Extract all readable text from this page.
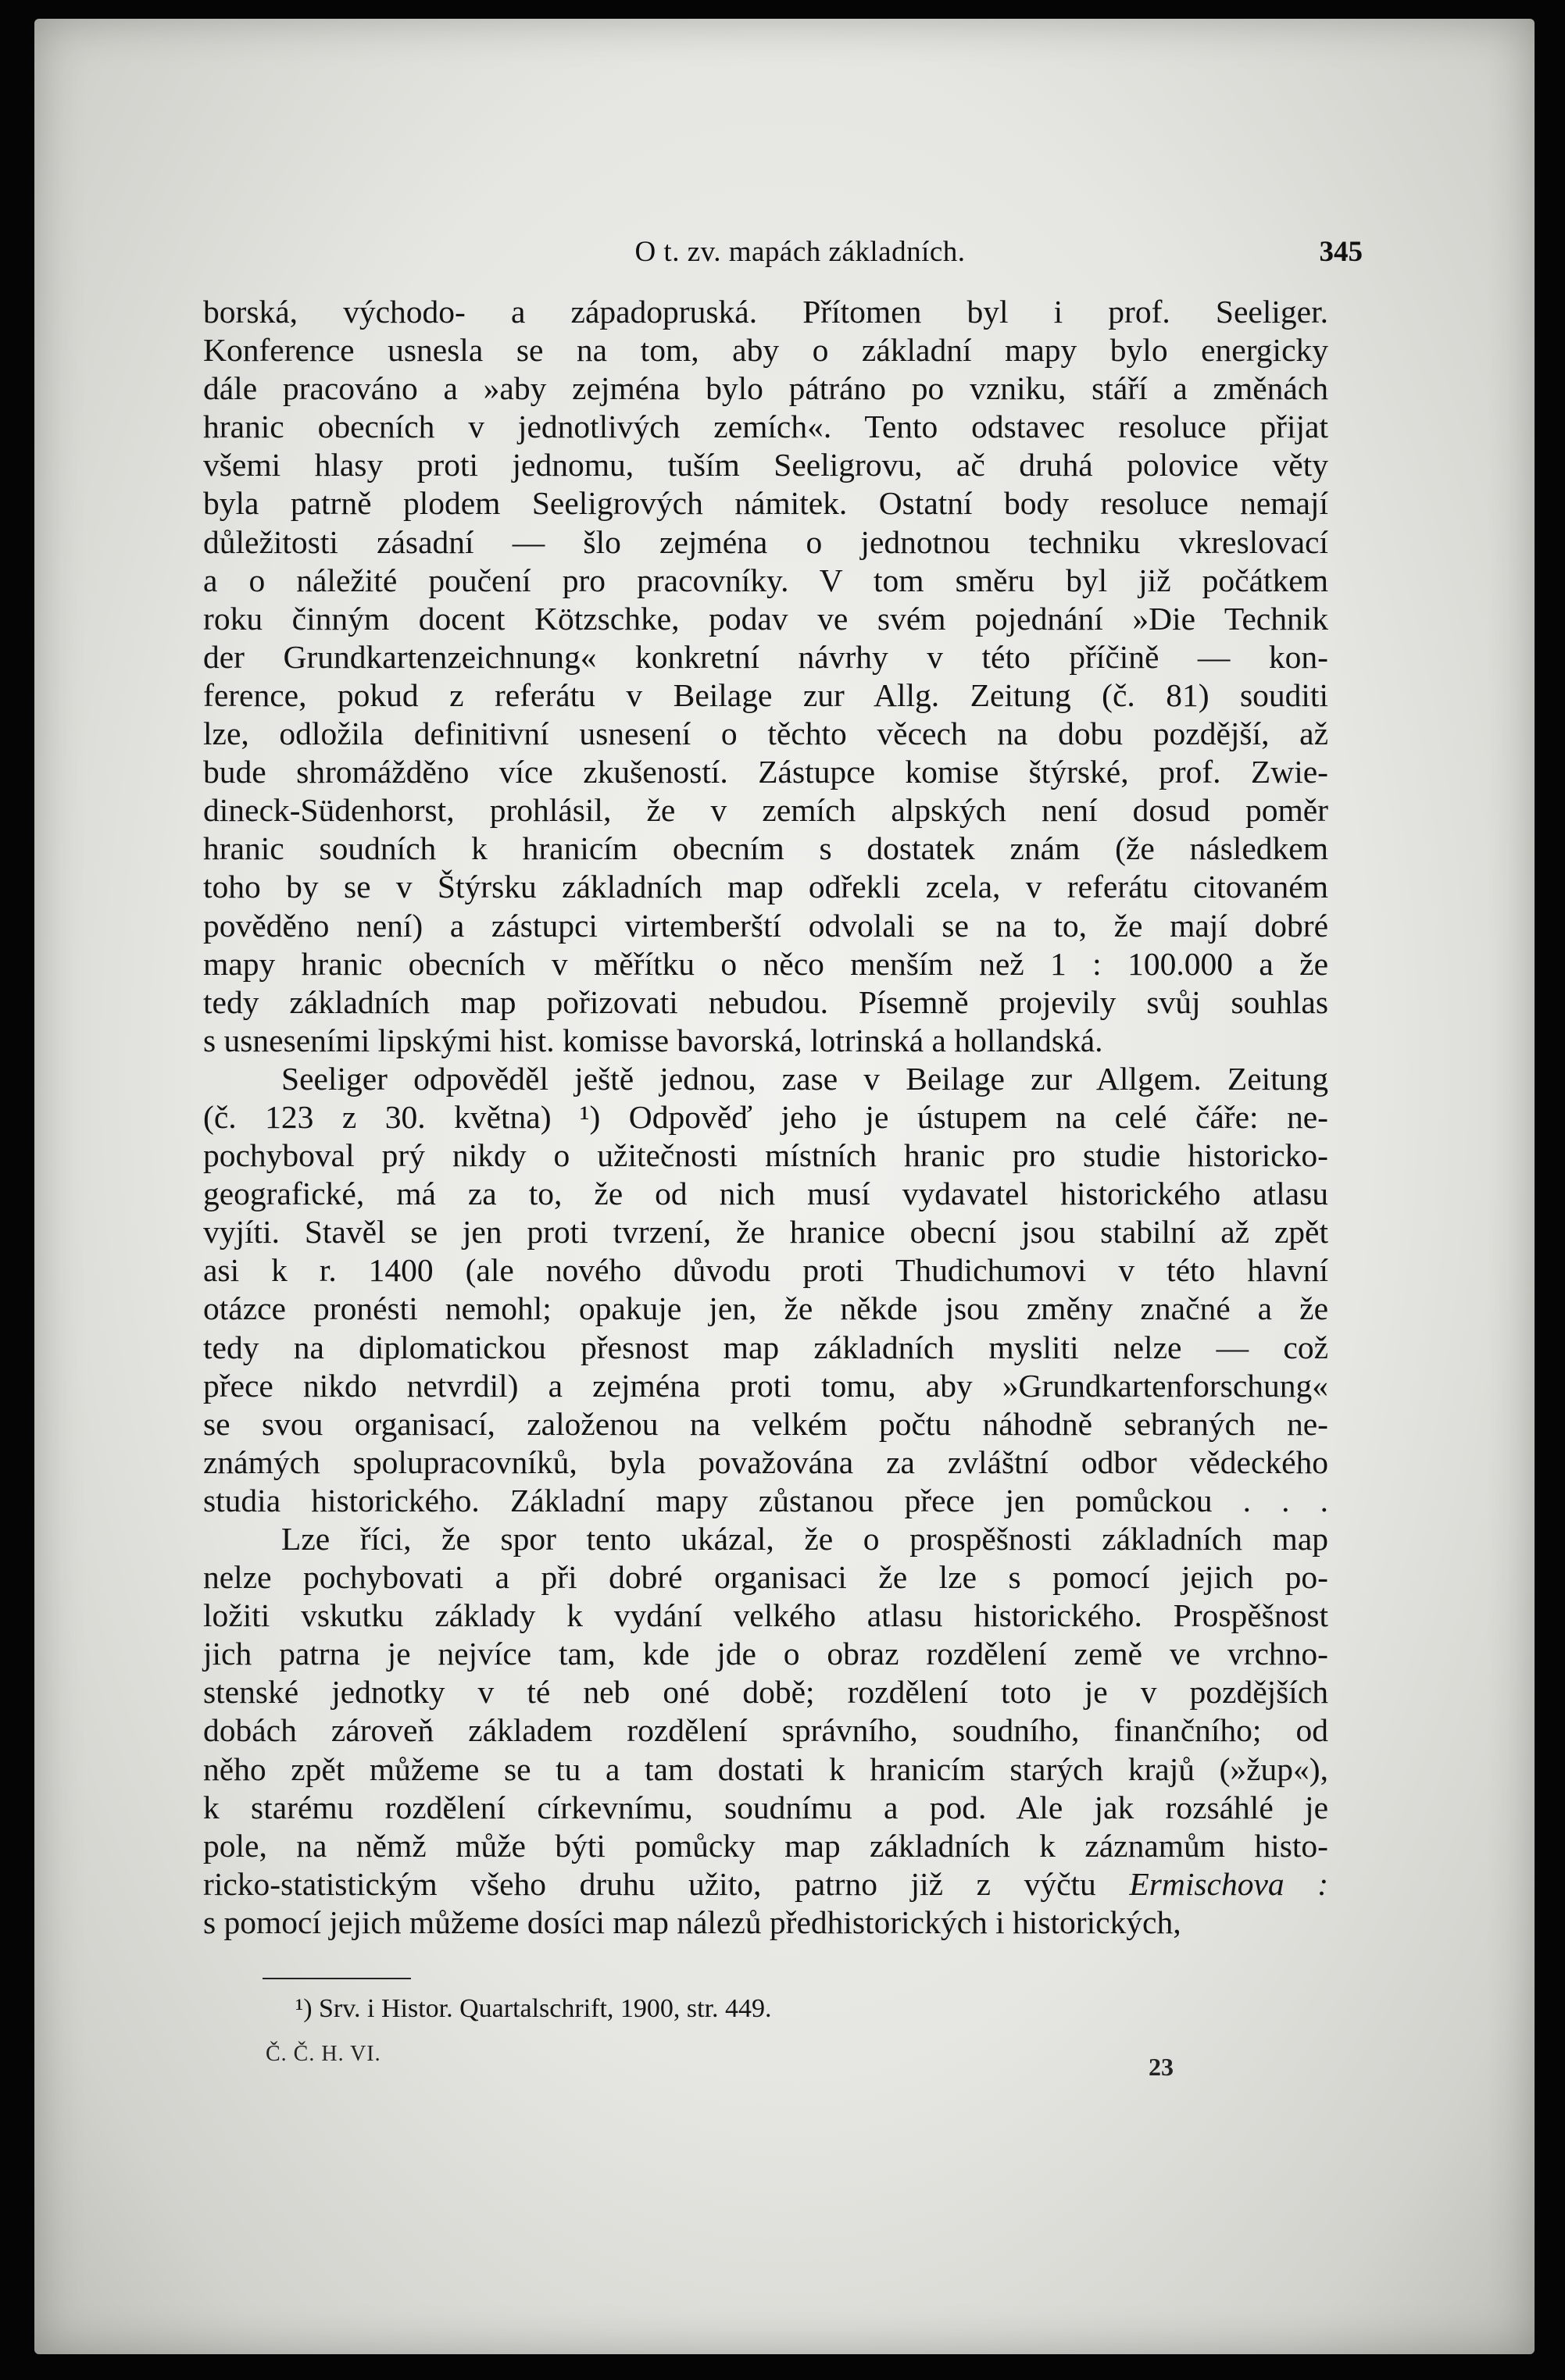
O t. zv. mapách základních.	345
borská, východo- a západopruská. Přítomen byl i prof. Seeliger.
Konference usnesla se na tom, aby o základní mapy bylo energicky
dále pracováno a »aby zejména bylo pátráno po vzniku, stáří a změnách
hranic obecních v jednotlivých zemích«. Tento odstavec resoluce přijat
všemi hlasy proti jednomu, tuším Seeligrovu, ač druhá polovice věty
byla patrně plodem Seeligrových námitek. Ostatní body resoluce nemají
důležitosti zásadní — šlo zejména o jednotnou techniku vkreslovací
a o náležité poučení pro pracovníky. V tom směru byl již počátkem
roku činným docent Kötzschke, podav ve svém pojednání »Die Technik
der Grundkartenzeichnung« konkretní návrhy v této příčině — kon-
ference, pokud z referátu v Beilage zur Allg. Zeitung (č. 81) souditi
lze, odložila definitivní usnesení o těchto věcech na dobu pozdější, až
bude shromážděno více zkušeností. Zástupce komise štýrské, prof. Zwie-
dineck-Südenhorst, prohlásil, že v zemích alpských není dosud poměr
hranic soudních k hranicím obecním s dostatek znám (že následkem
toho by se v Štýrsku základních map odřekli zcela, v referátu citovaném
pověděno není) a zástupci virtemberští odvolali se na to, že mají dobré
mapy hranic obecních v měřítku o něco menším než 1 : 100.000 a že
tedy základních map pořizovati nebudou. Písemně projevily svůj souhlas
s usneseními lipskými hist. komisse bavorská, lotrinská a hollandská.
Seeliger odpověděl ještě jednou, zase v Beilage zur Allgem. Zeitung
(č. 123 z 30. května) ¹) Odpověď jeho je ústupem na celé čáře: ne-
pochyboval prý nikdy o užitečnosti místních hranic pro studie historicko-
geografické, má za to, že od nich musí vydavatel historického atlasu
vyjíti. Stavěl se jen proti tvrzení, že hranice obecní jsou stabilní až zpět
asi k r. 1400 (ale nového důvodu proti Thudichumovi v této hlavní
otázce pronésti nemohl; opakuje jen, že někde jsou změny značné a že
tedy na diplomatickou přesnost map základních mysliti nelze — což
přece nikdo netvrdil) a zejména proti tomu, aby »Grundkartenforschung«
se svou organisací, založenou na velkém počtu náhodně sebraných ne-
známých spolupracovníků, byla považována za zvláštní odbor vědeckého
studia historického. Základní mapy zůstanou přece jen pomůckou . . .
Lze říci, že spor tento ukázal, že o prospěšnosti základních map
nelze pochybovati a při dobré organisaci že lze s pomocí jejich po-
ložiti vskutku základy k vydání velkého atlasu historického. Prospěšnost
jich patrna je nejvíce tam, kde jde o obraz rozdělení země ve vrchno-
stenské jednotky v té neb oné době; rozdělení toto je v pozdějších
dobách zároveň základem rozdělení správního, soudního, finančního; od
něho zpět můžeme se tu a tam dostati k hranicím starých krajů (»žup«),
k starému rozdělení církevnímu, soudnímu a pod. Ale jak rozsáhlé je
pole, na němž může býti pomůcky map základních k záznamům histo-
ricko-statistickým všeho druhu užito, patrno již z výčtu Ermischova :
s pomocí jejich můžeme dosíci map nálezů předhistorických i historických,
¹) Srv. i Histor. Quartalschrift, 1900, str. 449.
Č. Č. H. VI.	23
